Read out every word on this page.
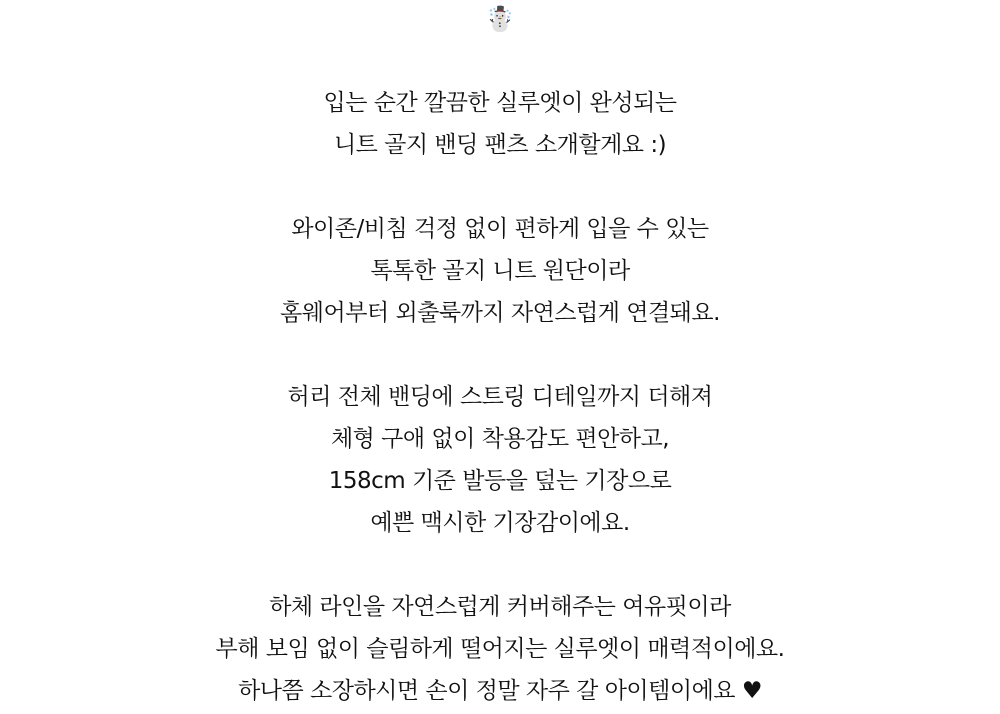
☃️
입는 순간 깔끔한 실루엣이 완성되는
니트 골지 밴딩 팬츠 소개할게요 :)
와이존/비침 걱정 없이 편하게 입을 수 있는
톡톡한 골지 니트 원단이라
홈웨어부터 외출룩까지 자연스럽게 연결돼요.
허리 전체 밴딩에 스트링 디테일까지 더해져
체형 구애 없이 착용감도 편안하고,
158cm 기준 발등을 덮는 기장으로
예쁜 맥시한 기장감이에요.
하체 라인을 자연스럽게 커버해주는 여유핏이라
부해 보임 없이 슬림하게 떨어지는 실루엣이 매력적이에요.
하나쯤 소장하시면 손이 정말 자주 갈 아이템이에요 ♥
